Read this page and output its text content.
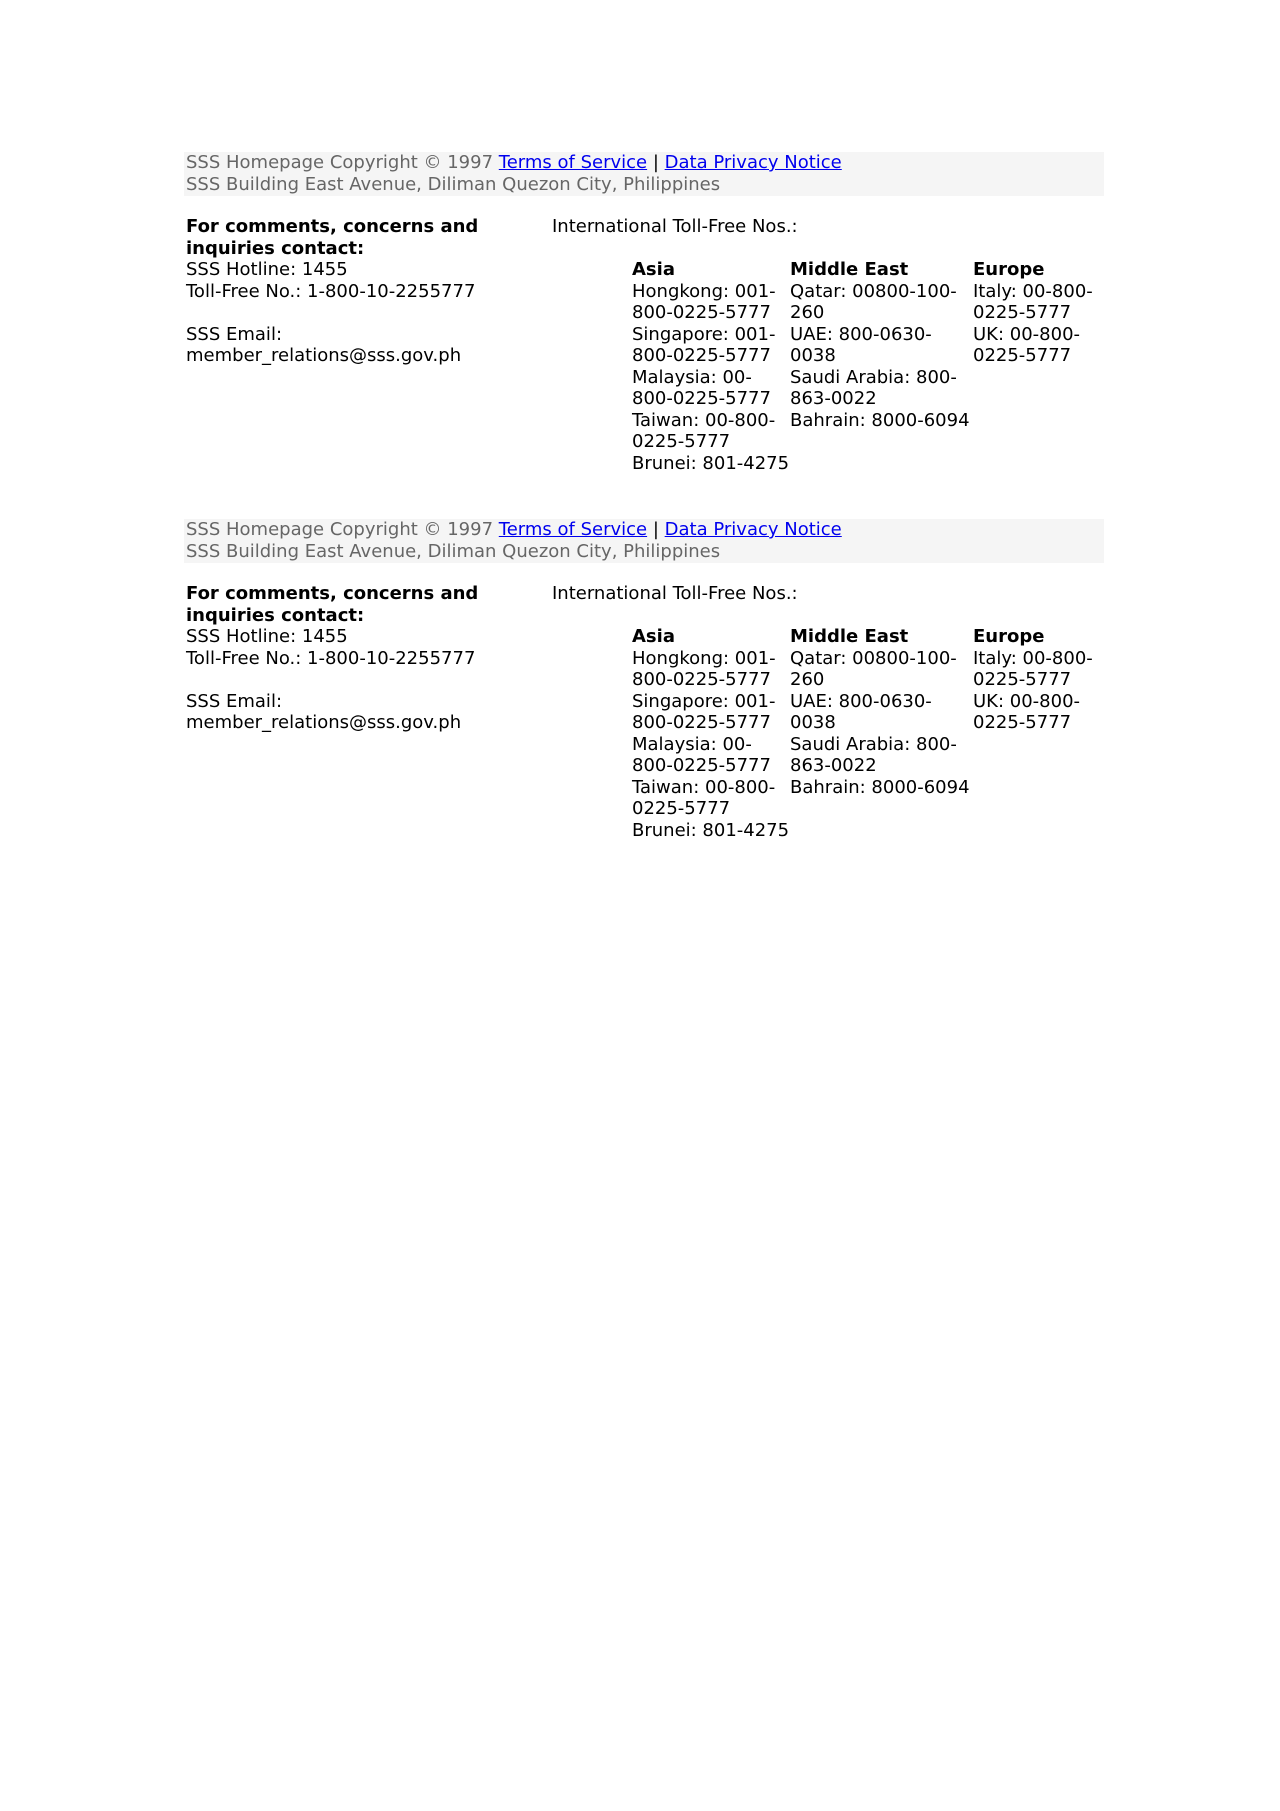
SSS Homepage Copyright © 1997 Terms of Service | Data Privacy Notice
SSS Building East Avenue, Diliman Quezon City, Philippines
For comments, concerns and inquiries contact:
SSS Hotline: 1455
Toll-Free No.: 1-800-10-2255777
SSS Email:
member_relations@sss.gov.ph
International Toll-Free Nos.:
Asia
Hongkong: 001-800-0225-5777
Singapore: 001-800-0225-5777
Malaysia: 00-800-0225-5777
Taiwan: 00-800-0225-5777
Brunei: 801-4275
Middle East
Qatar: 00800-100-260
UAE: 800-0630-0038
Saudi Arabia: 800-863-0022
Bahrain: 8000-6094
Europe
Italy: 00-800-0225-5777
UK: 00-800-0225-5777
SSS Homepage Copyright © 1997 Terms of Service | Data Privacy Notice
SSS Building East Avenue, Diliman Quezon City, Philippines
For comments, concerns and inquiries contact:
SSS Hotline: 1455
Toll-Free No.: 1-800-10-2255777
SSS Email:
member_relations@sss.gov.ph
International Toll-Free Nos.:
Asia
Hongkong: 001-800-0225-5777
Singapore: 001-800-0225-5777
Malaysia: 00-800-0225-5777
Taiwan: 00-800-0225-5777
Brunei: 801-4275
Middle East
Qatar: 00800-100-260
UAE: 800-0630-0038
Saudi Arabia: 800-863-0022
Bahrain: 8000-6094
Europe
Italy: 00-800-0225-5777
UK: 00-800-0225-5777
